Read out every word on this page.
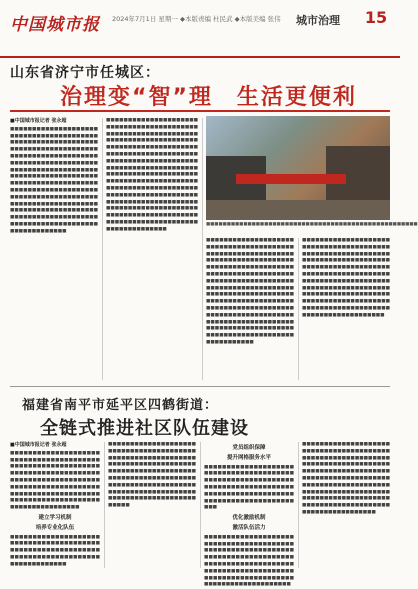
中国城市报 2024年7月1日 星期一 ◆本版责编 杜民武 ◆本版美编 张伟 城市治理 15
山东省济宁市任城区：
治理变“智”理　生活更便利
■中国城市报记者 张永超
■■■■■■■■■■■■■■■■■■■■■■■■■■■■■■■■■■■■■■■■■■■■■■■■■■■■■■■■■■■■■■■■■■■■■■■■■■■■■■■■■■■■■■■■■■■■■■■■■■■■■■■■■■■■■■■■■■■■■■■■■■■■■■■■■■■■■■■■■■■■■■■■■■■■■■■■■■■■■■■■■■■■■■■■■■■■■■■■■■■■■■■■■■■■■■■■■■■■■■■■■■■■■■■■■■■■■■■■■■■■■■■■■■■■■■■■■■■■■■■■■■■■■■■■■■■■■■■■■■■■■■■■■■■■■■■■■■■■■■■■■■■■■■■■■■■■■■■■■■■■■■■■■■■■■■■■■
■■■■■■■■■■■■■■■■■■■■■■■■■■■■■■■■■■■■■■■■■■■■■■■■■■■■■■■■■■■■■■■■■■■■■■■■■■■■■■■■■■■■■■■■■■■■■■■■■■■■■■■■■■■■■■■■■■■■■■■■■■■■■■■■■■■■■■■■■■■■■■■■■■■■■■■■■■■■■■■■■■■■■■■■■■■■■■■■■■■■■■■■■■■■■■■■■■■■■■■■■■■■■■■■■■■■■■■■■■■■■■■■■■■■■■■■■■■■■■■■■■■■■■■■■■■■■■■■■■■■■■■■■■■■■■■■■■■■■■■■■■■■■■■■■■■■■■■■■■■■■■■■■■■■■■■■■■■■■■■■■■■■■■■■■■■■■■■■■■■■■■■■■■■■■■
■■■■■■■■■■■■■■■■■■■■■■■■■■■■■■■■■■■■■■■■■■■■■■■■■■■
■■■■■■■■■■■■■■■■■■■■■■■■■■■■■■■■■■■■■■■■■■■■■■■■■■■■■■■■■■■■■■■■■■■■■■■■■■■■■■■■■■■■■■■■■■■■■■■■■■■■■■■■■■■■■■■■■■■■■■■■■■■■■■■■■■■■■■■■■■■■■■■■■■■■■■■■■■■■■■■■■■■■■■■■■■■■■■■■■■■■■■■■■■■■■■■■■■■■■■■■■■■■■■■■■■■■■■■■■■■■■■■■■■■■■■■■■■■■■■■■■■■■■■■■■■■■■■■■■■■■■■■■■■■■■■■■■■■■■■■■■■■■■■■■■■■■■■■■■■■■■■■■■■■■■■■
■■■■■■■■■■■■■■■■■■■■■■■■■■■■■■■■■■■■■■■■■■■■■■■■■■■■■■■■■■■■■■■■■■■■■■■■■■■■■■■■■■■■■■■■■■■■■■■■■■■■■■■■■■■■■■■■■■■■■■■■■■■■■■■■■■■■■■■■■■■■■■■■■■■■■■■■■■■■■■■■■■■■■■■■■■■■■■■■■■■■■■■■■■■■■■■■■■■■■■■■■■■■■■■■■■■■■■■■■■■■■■■■■■■■■■■■■■■■■■■
福建省南平市延平区四鹤街道：
全链式推进社区队伍建设
■中国城市报记者 张永超
■■■■■■■■■■■■■■■■■■■■■■■■■■■■■■■■■■■■■■■■■■■■■■■■■■■■■■■■■■■■■■■■■■■■■■■■■■■■■■■■■■■■■■■■■■■■■■■■■■■■■■■■■■■■■■■■■■■■■■■■■■■■■■■■■■■■■■■■■■■■■■■■■■■■■■■■■■■■■■■■■■■■■■■■■■■■■■■■
建立学习机制
培养专业化队伍
■■■■■■■■■■■■■■■■■■■■■■■■■■■■■■■■■■■■■■■■■■■■■■■■■■■■■■■■■■■■■■■■■■■■■■■■■■■■■■■■■■■■■■■■■■■■■
■■■■■■■■■■■■■■■■■■■■■■■■■■■■■■■■■■■■■■■■■■■■■■■■■■■■■■■■■■■■■■■■■■■■■■■■■■■■■■■■■■■■■■■■■■■■■■■■■■■■■■■■■■■■■■■■■■■■■■■■■■■■■■■■■■■■■■■■■■■■■■■■■■■■■■■■■■■■■■■■■■■■■■■■■■■■■■■■■■■■■■■■■
党员组织保障
提升网格服务水平
■■■■■■■■■■■■■■■■■■■■■■■■■■■■■■■■■■■■■■■■■■■■■■■■■■■■■■■■■■■■■■■■■■■■■■■■■■■■■■■■■■■■■■■■■■■■■■■■■■■■■■■■■■■■■■■■■■■■■■■■■■■
优化激励机制
激活队伍活力
■■■■■■■■■■■■■■■■■■■■■■■■■■■■■■■■■■■■■■■■■■■■■■■■■■■■■■■■■■■■■■■■■■■■■■■■■■■■■■■■■■■■■■■■■■■■■■■■■■■■■■■■■■■■■■■■■■■■■■■■■■■■■■■■■■■■■■■■■■■■■■■■■■■■■■■■■■■■■■■■
■■■■■■■■■■■■■■■■■■■■■■■■■■■■■■■■■■■■■■■■■■■■■■■■■■■■■■■■■■■■■■■■■■■■■■■■■■■■■■■■■■■■■■■■■■■■■■■■■■■■■■■■■■■■■■■■■■■■■■■■■■■■■■■■■■■■■■■■■■■■■■■■■■■■■■■■■■■■■■■■■■■■■■■■■■■■■■■■■■■■■■■■■■■■■■■■■■■■■■■■■■■■■■■■■■■■■■■■■
